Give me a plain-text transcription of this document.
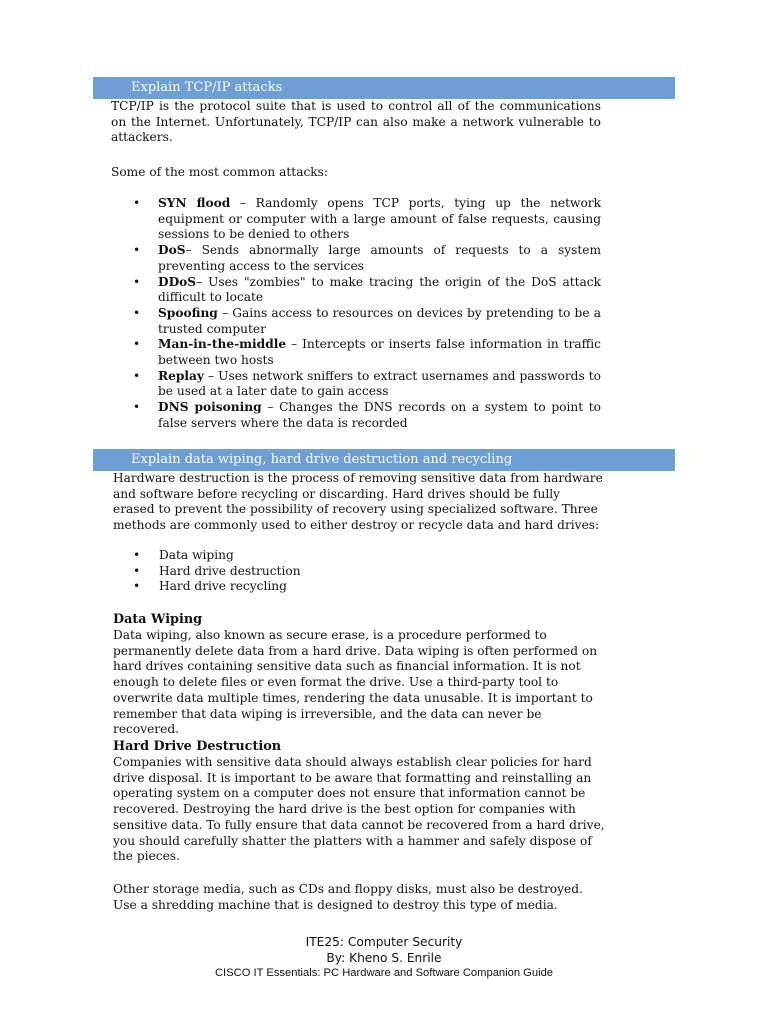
Explain TCP/IP attacks
TCP/IP is the protocol suite that is used to control all of the communications on the Internet. Unfortunately, TCP/IP can also make a network vulnerable to attackers.
Some of the most common attacks:
• SYN flood – Randomly opens TCP ports, tying up the network equipment or computer with a large amount of false requests, causing sessions to be denied to others
• DoS– Sends abnormally large amounts of requests to a system preventing access to the services
• DDoS– Uses "zombies" to make tracing the origin of the DoS attack difficult to locate
• Spoofing – Gains access to resources on devices by pretending to be a trusted computer
• Man-in-the-middle – Intercepts or inserts false information in traffic between two hosts
• Replay – Uses network sniffers to extract usernames and passwords to be used at a later date to gain access
• DNS poisoning – Changes the DNS records on a system to point to false servers where the data is recorded
Explain data wiping, hard drive destruction and recycling
Hardware destruction is the process of removing sensitive data from hardware and software before recycling or discarding. Hard drives should be fully erased to prevent the possibility of recovery using specialized software. Three methods are commonly used to either destroy or recycle data and hard drives:
• Data wiping
• Hard drive destruction
• Hard drive recycling
Data Wiping
Data wiping, also known as secure erase, is a procedure performed to permanently delete data from a hard drive. Data wiping is often performed on hard drives containing sensitive data such as financial information. It is not enough to delete files or even format the drive. Use a third-party tool to overwrite data multiple times, rendering the data unusable. It is important to remember that data wiping is irreversible, and the data can never be recovered.
Hard Drive Destruction
Companies with sensitive data should always establish clear policies for hard drive disposal. It is important to be aware that formatting and reinstalling an operating system on a computer does not ensure that information cannot be recovered. Destroying the hard drive is the best option for companies with sensitive data. To fully ensure that data cannot be recovered from a hard drive, you should carefully shatter the platters with a hammer and safely dispose of the pieces.
Other storage media, such as CDs and floppy disks, must also be destroyed. Use a shredding machine that is designed to destroy this type of media.
ITE25: Computer Security
By: Kheno S. Enrile
CISCO IT Essentials: PC Hardware and Software Companion Guide
